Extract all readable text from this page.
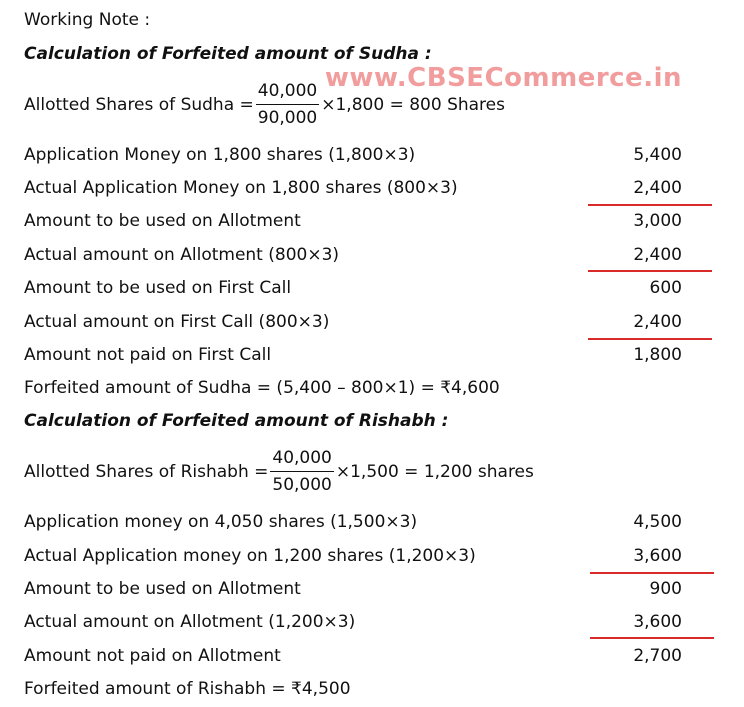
www.CBSECommerce.in
Working Note :
Calculation of Forfeited amount of Sudha :
Allotted Shares of Sudha = $\frac{40,000}{90,000} \times 1,800 = 800$ Shares
Application Money on 1,800 shares (1,800×3)	5,400
Actual Application Money on 1,800 shares (800×3)	2,400
Amount to be used on Allotment	3,000
Actual amount on Allotment (800×3)	2,400
Amount to be used on First Call	600
Actual amount on First Call (800×3)	2,400
Amount not paid on First Call	1,800
Forfeited amount of Sudha = (5,400 – 800×1) = ₹4,600
Calculation of Forfeited amount of Rishabh :
Allotted Shares of Rishabh = $\frac{40,000}{50,000} \times 1,500 = 1,200$ shares
Application money on 4,050 shares (1,500×3)	4,500
Actual Application money on 1,200 shares (1,200×3)	3,600
Amount to be used on Allotment	900
Actual amount on Allotment (1,200×3)	3,600
Amount not paid on Allotment	2,700
Forfeited amount of Rishabh = ₹4,500
